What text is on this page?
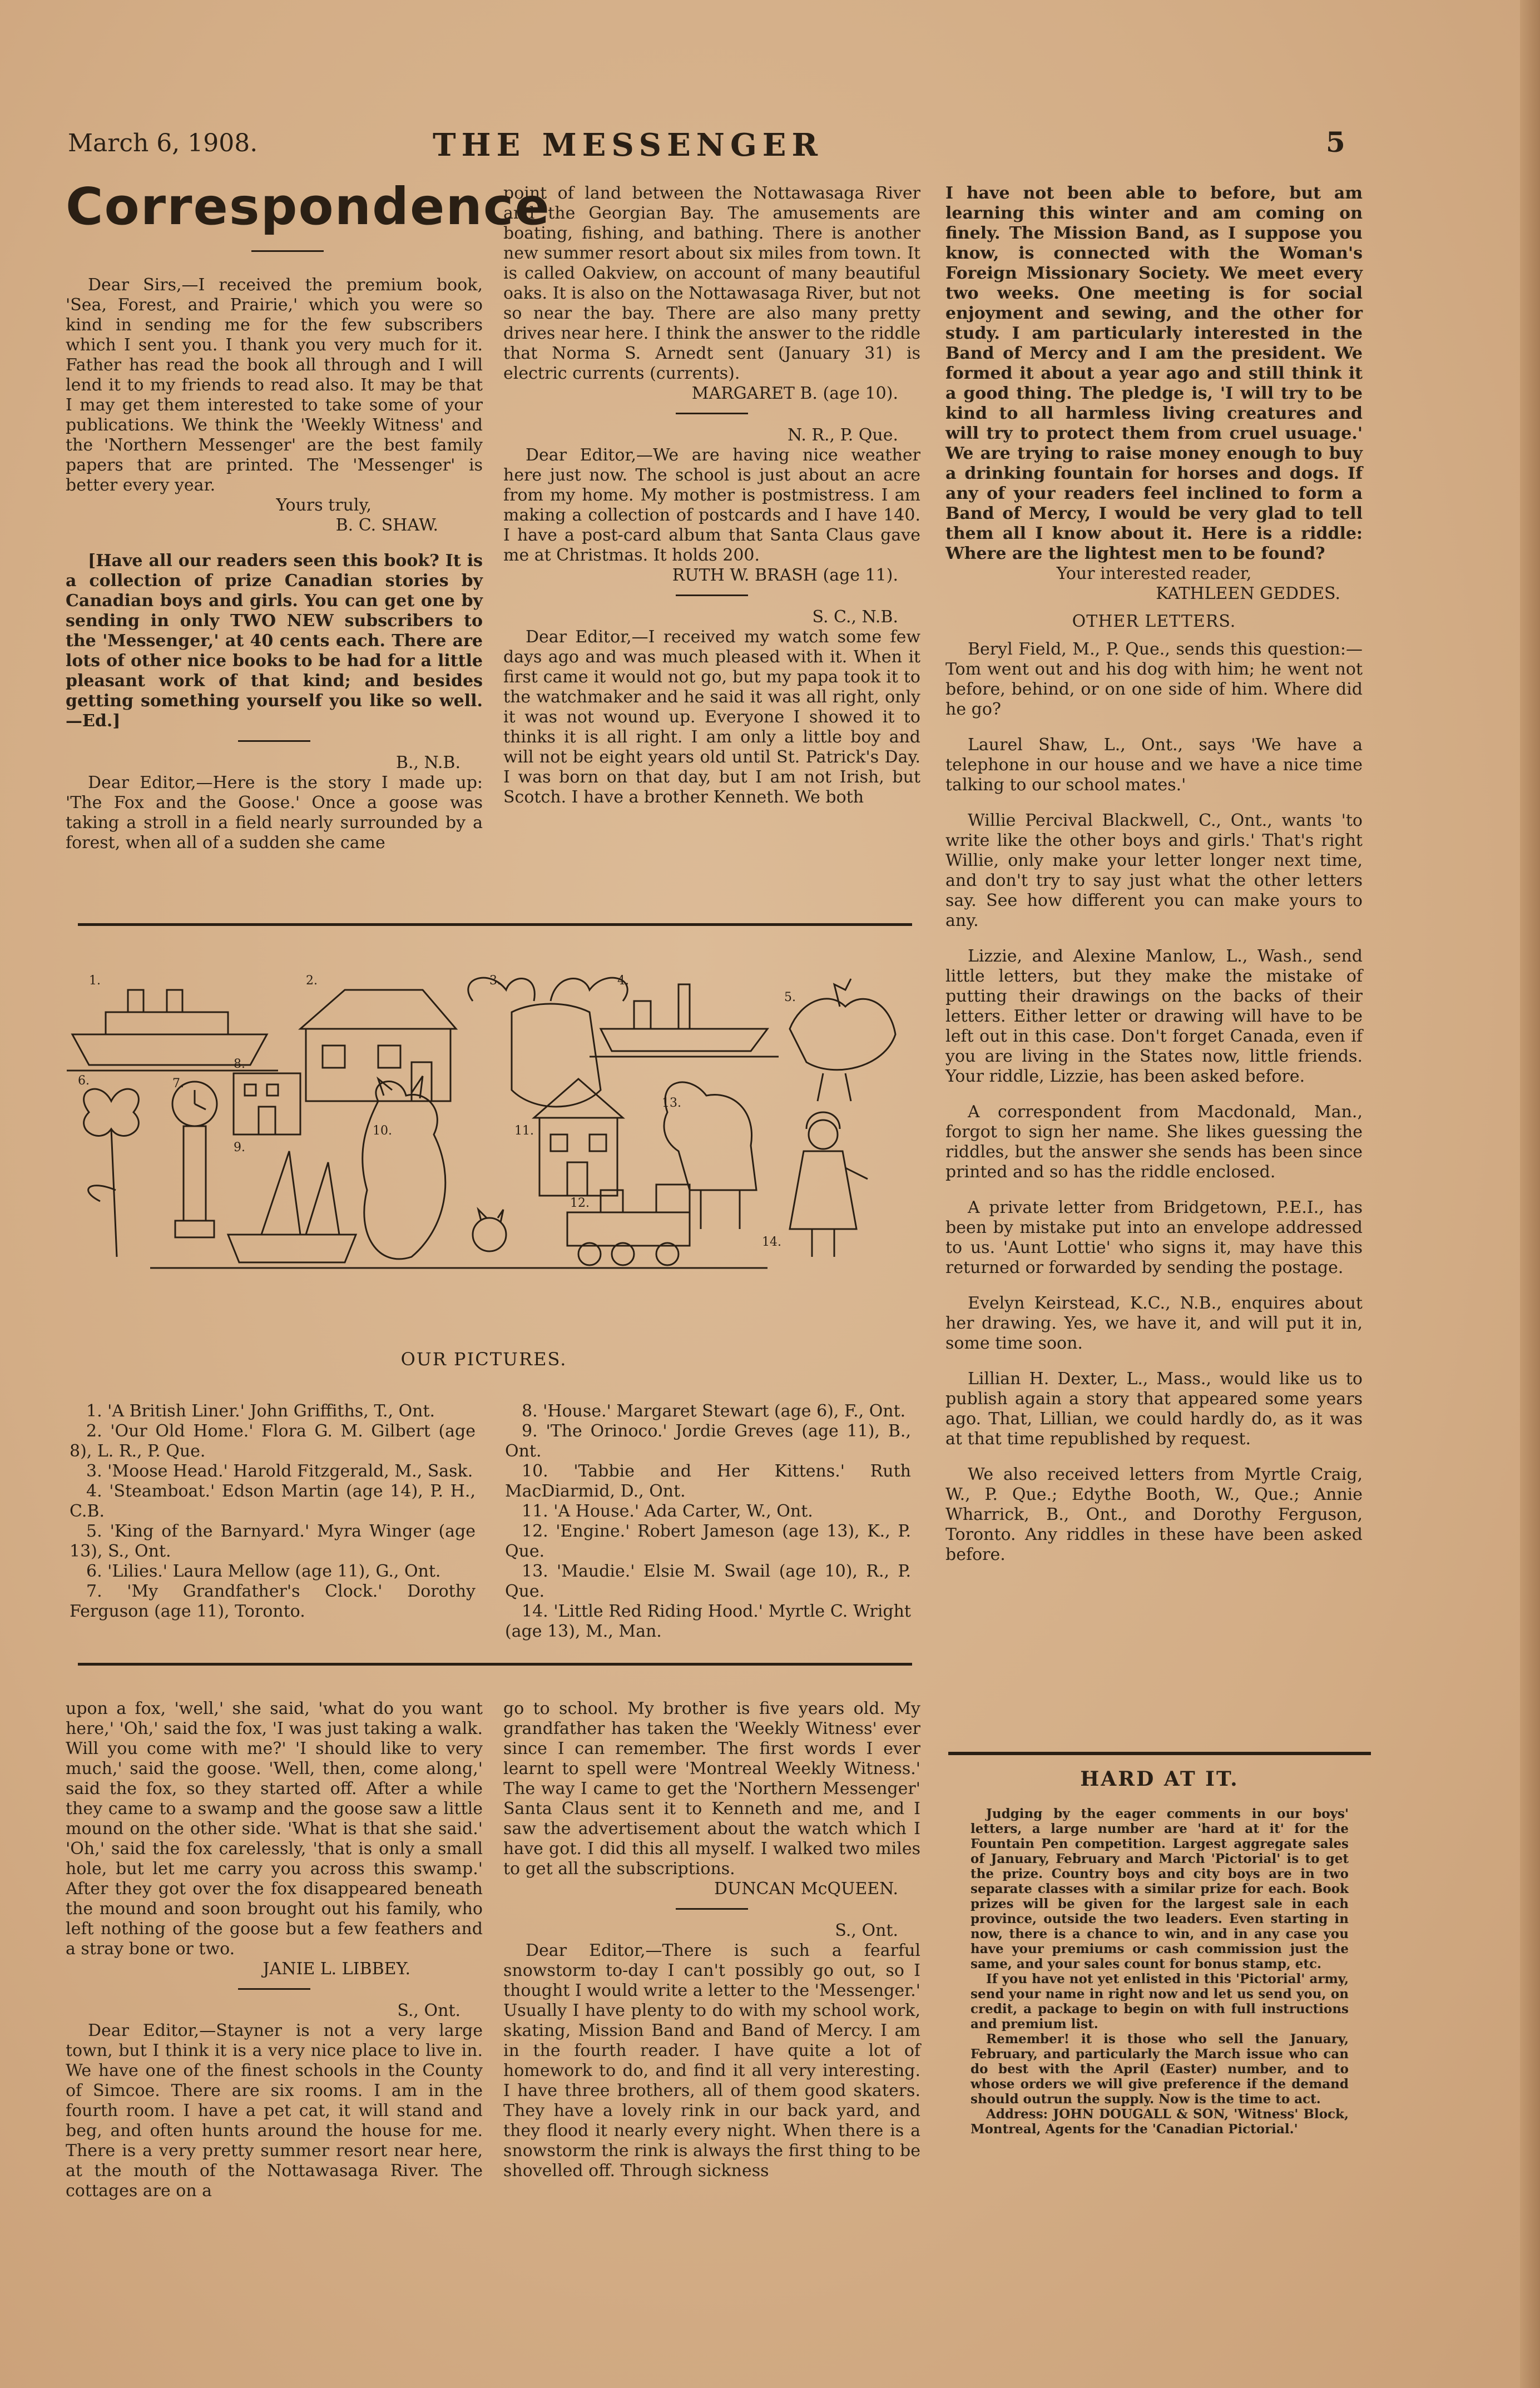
March 6, 1908.	THE MESSENGER	5
Correspondence

Dear Sirs,—I received the premium book, 'Sea, Forest, and Prairie,' which you were so kind in sending me for the few subscribers which I sent you. I thank you very much for it. Father has read the book all through and I will lend it to my friends to read also. It may be that I may get them interested to take some of your publications. We think the 'Weekly Witness' and the 'Northern Messenger' are the best family papers that are printed. The 'Messenger' is better every year.

Yours truly,

B. C. SHAW.

[Have all our readers seen this book? It is a collection of prize Canadian stories by Canadian boys and girls. You can get one by sending in only TWO NEW subscribers to the 'Messenger,' at 40 cents each. There are lots of other nice books to be had for a little pleasant work of that kind; and besides getting something yourself you like so well.—Ed.]

B., N.B.

Dear Editor,—Here is the story I made up: 'The Fox and the Goose.' Once a goose was taking a stroll in a field nearly surrounded by a forest, when all of a sudden she came

point of land between the Nottawasaga River and the Georgian Bay. The amusements are boating, fishing, and bathing. There is another new summer resort about six miles from town. It is called Oakview, on account of many beautiful oaks. It is also on the Nottawasaga River, but not so near the bay. There are also many pretty drives near here. I think the answer to the riddle that Norma S. Arnedt sent (January 31) is electric currents (currents).

MARGARET B. (age 10).

N. R., P. Que.

Dear Editor,—We are having nice weather here just now. The school is just about an acre from my home. My mother is postmistress. I am making a collection of postcards and I have 140. I have a post-card album that Santa Claus gave me at Christmas. It holds 200.

RUTH W. BRASH (age 11).

S. C., N.B.

Dear Editor,—I received my watch some few days ago and was much pleased with it. When it first came it would not go, but my papa took it to the watchmaker and he said it was all right, only it was not wound up. Everyone I showed it to thinks it is all right. I am only a little boy and will not be eight years old until St. Patrick's Day. I was born on that day, but I am not Irish, but Scotch. I have a brother Kenneth. We both

I have not been able to before, but am learning this winter and am coming on finely. The Mission Band, as I suppose you know, is connected with the Woman's Foreign Missionary Society. We meet every two weeks. One meeting is for social enjoyment and sewing, and the other for study. I am particularly interested in the Band of Mercy and I am the president. We formed it about a year ago and still think it a good thing. The pledge is, 'I will try to be kind to all harmless living creatures and will try to protect them from cruel usuage.' We are trying to raise money enough to buy a drinking fountain for horses and dogs. If any of your readers feel inclined to form a Band of Mercy, I would be very glad to tell them all I know about it. Here is a riddle: Where are the lightest men to be found?

Your interested reader,

KATHLEEN GEDDES.

OTHER LETTERS.

Beryl Field, M., P. Que., sends this question:—Tom went out and his dog with him; he went not before, behind, or on one side of him. Where did he go?

Laurel Shaw, L., Ont., says 'We have a telephone in our house and we have a nice time talking to our school mates.'

Willie Percival Blackwell, C., Ont., wants 'to write like the other boys and girls.' That's right Willie, only make your letter longer next time, and don't try to say just what the other letters say. See how different you can make yours to any.

Lizzie, and Alexine Manlow, L., Wash., send little letters, but they make the mistake of putting their drawings on the backs of their letters. Either letter or drawing will have to be left out in this case. Don't forget Canada, even if you are living in the States now, little friends. Your riddle, Lizzie, has been asked before.

A correspondent from Macdonald, Man., forgot to sign her name. She likes guessing the riddles, but the answer she sends has been since printed and so has the riddle enclosed.

A private letter from Bridgetown, P.E.I., has been by mistake put into an envelope addressed to us. 'Aunt Lottie' who signs it, may have this returned or forwarded by sending the postage.

Evelyn Keirstead, K.C., N.B., enquires about her drawing. Yes, we have it, and will put it in, some time soon.

Lillian H. Dexter, L., Mass., would like us to publish again a story that appeared some years ago. That, Lillian, we could hardly do, as it was at that time republished by request.

We also received letters from Myrtle Craig, W., P. Que.; Edythe Booth, W., Que.; Annie Wharrick, B., Ont., and Dorothy Ferguson, Toronto. Any riddles in these have been asked before.

1.	2.	3.	4.
5.
6.	7.
8.
9.
10.	11.
12.
13.
14.
OUR PICTURES.

1. 'A British Liner.' John Griffiths, T., Ont.

2. 'Our Old Home.' Flora G. M. Gilbert (age 8), L. R., P. Que.

3. 'Moose Head.' Harold Fitzgerald, M., Sask.

4. 'Steamboat.' Edson Martin (age 14), P. H., C.B.

5. 'King of the Barnyard.' Myra Winger (age 13), S., Ont.

6. 'Lilies.' Laura Mellow (age 11), G., Ont.

7. 'My Grandfather's Clock.' Dorothy Ferguson (age 11), Toronto.

8. 'House.' Margaret Stewart (age 6), F., Ont.

9. 'The Orinoco.' Jordie Greves (age 11), B., Ont.

10. 'Tabbie and Her Kittens.' Ruth MacDiarmid, D., Ont.

11. 'A House.' Ada Carter, W., Ont.

12. 'Engine.' Robert Jameson (age 13), K., P. Que.

13. 'Maudie.' Elsie M. Swail (age 10), R., P. Que.

14. 'Little Red Riding Hood.' Myrtle C. Wright (age 13), M., Man.

upon a fox, 'well,' she said, 'what do you want here,' 'Oh,' said the fox, 'I was just taking a walk. Will you come with me?' 'I should like to very much,' said the goose. 'Well, then, come along,' said the fox, so they started off. After a while they came to a swamp and the goose saw a little mound on the other side. 'What is that she said.' 'Oh,' said the fox carelessly, 'that is only a small hole, but let me carry you across this swamp.' After they got over the fox disappeared beneath the mound and soon brought out his family, who left nothing of the goose but a few feathers and a stray bone or two.

JANIE L. LIBBEY.

S., Ont.

Dear Editor,—Stayner is not a very large town, but I think it is a very nice place to live in. We have one of the finest schools in the County of Simcoe. There are six rooms. I am in the fourth room. I have a pet cat, it will stand and beg, and often hunts around the house for me. There is a very pretty summer resort near here, at the mouth of the Nottawasaga River. The cottages are on a

go to school. My brother is five years old. My grandfather has taken the 'Weekly Witness' ever since I can remember. The first words I ever learnt to spell were 'Montreal Weekly Witness.' The way I came to get the 'Northern Messenger' Santa Claus sent it to Kenneth and me, and I saw the advertisement about the watch which I have got. I did this all myself. I walked two miles to get all the subscriptions.

DUNCAN McQUEEN.

S., Ont.

Dear Editor,—There is such a fearful snowstorm to-day I can't possibly go out, so I thought I would write a letter to the 'Messenger.' Usually I have plenty to do with my school work, skating, Mission Band and Band of Mercy. I am in the fourth reader. I have quite a lot of homework to do, and find it all very interesting. I have three brothers, all of them good skaters. They have a lovely rink in our back yard, and they flood it nearly every night. When there is a snowstorm the rink is always the first thing to be shovelled off. Through sickness

HARD AT IT.

Judging by the eager comments in our boys' letters, a large number are 'hard at it' for the Fountain Pen competition. Largest aggregate sales of January, February and March 'Pictorial' is to get the prize. Country boys and city boys are in two separate classes with a similar prize for each. Book prizes will be given for the largest sale in each province, outside the two leaders. Even starting in now, there is a chance to win, and in any case you have your premiums or cash commission just the same, and your sales count for bonus stamp, etc.

If you have not yet enlisted in this 'Pictorial' army, send your name in right now and let us send you, on credit, a package to begin on with full instructions and premium list.

Remember! it is those who sell the January, February, and particularly the March issue who can do best with the April (Easter) number, and to whose orders we will give preference if the demand should outrun the supply. Now is the time to act.

Address: JOHN DOUGALL & SON, 'Witness' Block, Montreal, Agents for the 'Canadian Pictorial.'
